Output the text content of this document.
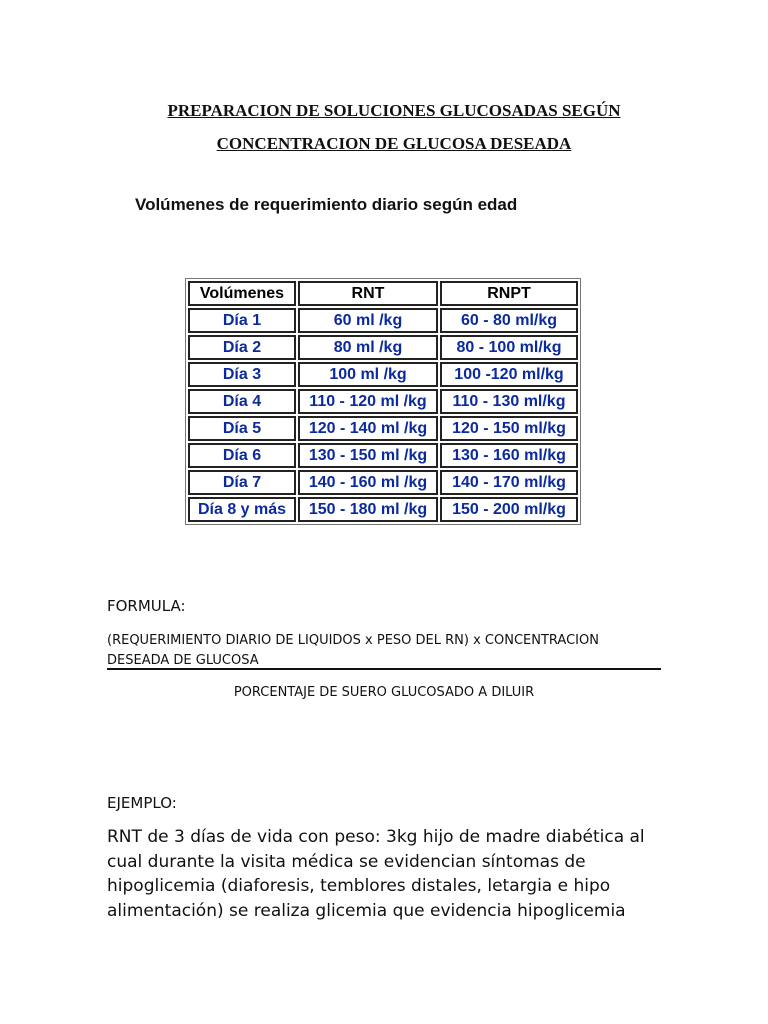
PREPARACION DE SOLUCIONES GLUCOSADAS SEGÚN
CONCENTRACION DE GLUCOSA DESEADA
Volúmenes de requerimiento diario según edad
Volúmenes	RNT	RNPT
Día 1	60 ml /kg	60 - 80 ml/kg
Día 2	80 ml /kg	80 - 100 ml/kg
Día 3	100 ml /kg	100 -120 ml/kg
Día 4	110 - 120 ml /kg	110 - 130 ml/kg
Día 5	120 - 140 ml /kg	120 - 150 ml/kg
Día 6	130 - 150 ml /kg	130 - 160 ml/kg
Día 7	140 - 160 ml /kg	140 - 170 ml/kg
Día 8 y más	150 - 180 ml /kg	150 - 200 ml/kg
FORMULA:
(REQUERIMIENTO DIARIO DE LIQUIDOS x PESO DEL RN) x CONCENTRACION DESEADA DE GLUCOSA
PORCENTAJE DE SUERO GLUCOSADO A DILUIR
EJEMPLO:
RNT de 3 días de vida con peso: 3kg hijo de madre diabética al cual durante la visita médica se evidencian síntomas de hipoglicemia (diaforesis, temblores distales, letargia e hipo alimentación) se realiza glicemia que evidencia hipoglicemia
